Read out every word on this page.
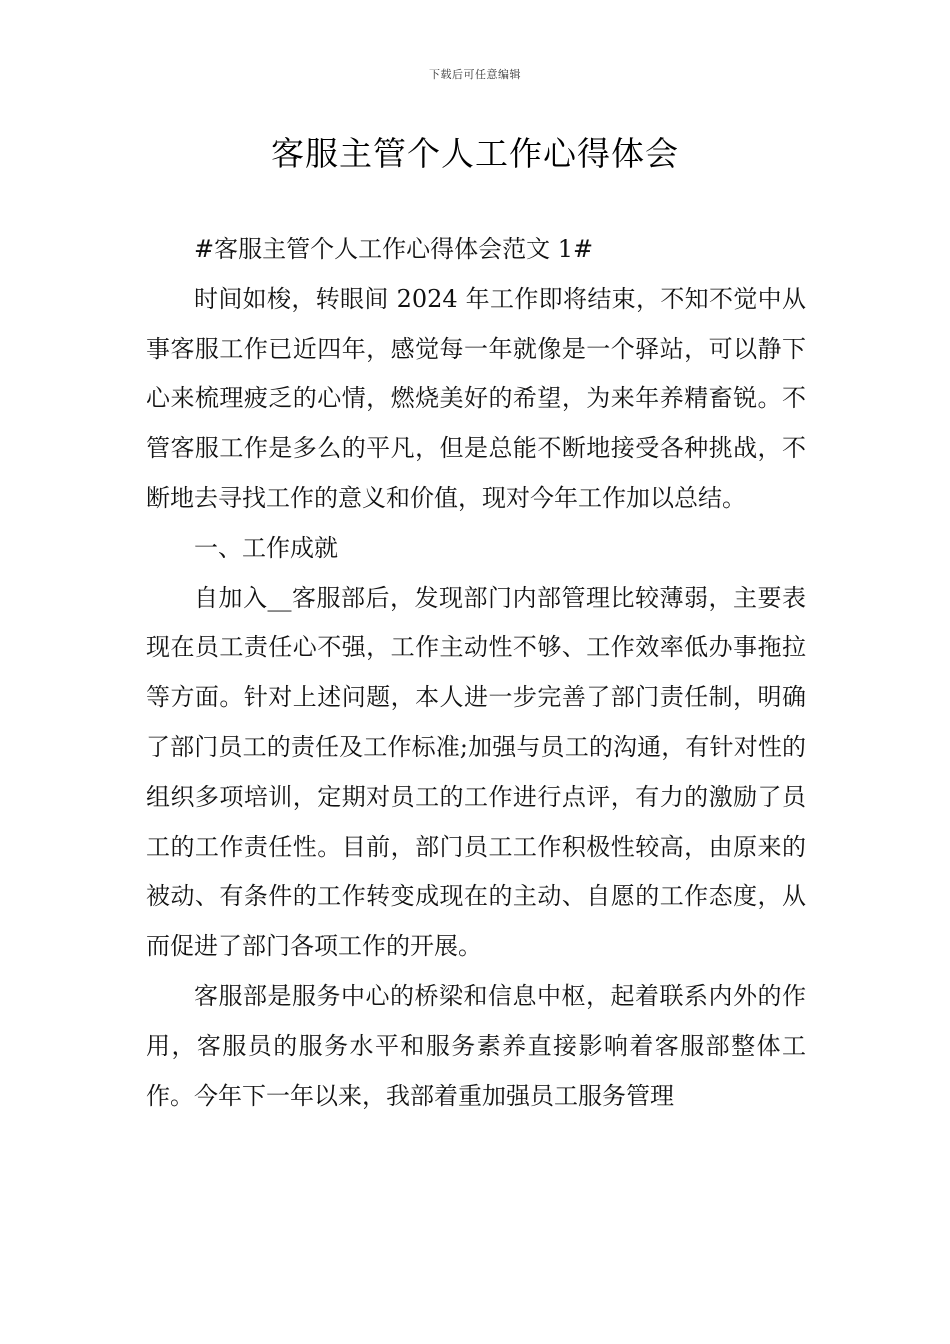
下载后可任意编辑
客服主管个人工作心得体会

#客服主管个人工作心得体会范文 1#

时间如梭，转眼间 2024 年工作即将结束，不知不觉中从事客服工作已近四年，感觉每一年就像是一个驿站，可以静下心来梳理疲乏的心情，燃烧美好的希望，为来年养精畜锐。不管客服工作是多么的平凡，但是总能不断地接受各种挑战，不断地去寻找工作的意义和价值，现对今年工作加以总结。

一、工作成就

自加入__客服部后，发现部门内部管理比较薄弱，主要表现在员工责任心不强，工作主动性不够、工作效率低办事拖拉等方面。针对上述问题，本人进一步完善了部门责任制，明确了部门员工的责任及工作标准;加强与员工的沟通，有针对性的组织多项培训，定期对员工的工作进行点评，有力的激励了员工的工作责任性。目前，部门员工工作积极性较高，由原来的被动、有条件的工作转变成现在的主动、自愿的工作态度，从而促进了部门各项工作的开展。

客服部是服务中心的桥梁和信息中枢，起着联系内外的作用，客服员的服务水平和服务素养直接影响着客服部整体工作。今年下一年以来，我部着重加强员工服务管理
